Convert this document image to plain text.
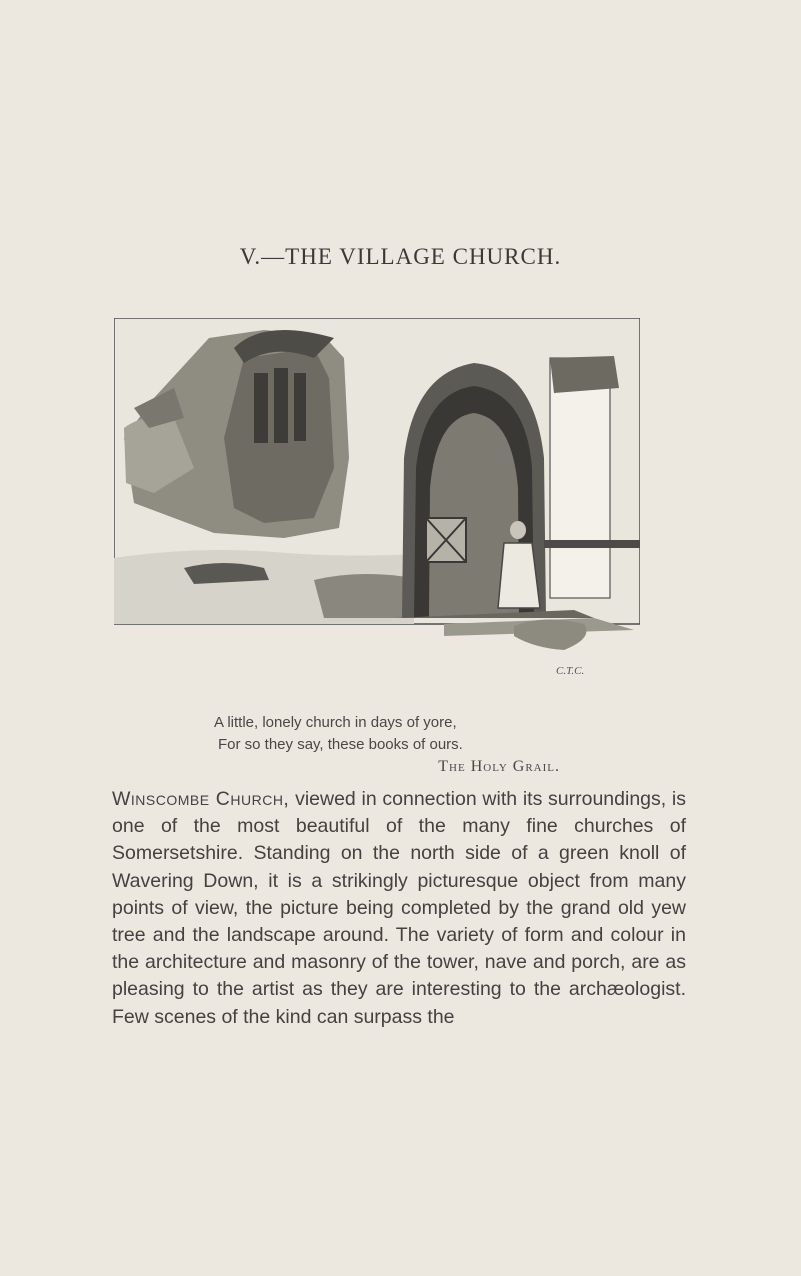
V.—THE VILLAGE CHURCH.
C.T.C.
A little, lonely church in days of yore,
For so they say, these books of ours.
The Holy Grail.
Winscombe Church, viewed in connection with its surroundings, is one of the most beautiful of the many fine churches of Somersetshire. Standing on the north side of a green knoll of Wavering Down, it is a strikingly picturesque object from many points of view, the picture being completed by the grand old yew tree and the landscape around. The variety of form and colour in the architecture and masonry of the tower, nave and porch, are as pleasing to the artist as they are interesting to the archæologist. Few scenes of the kind can surpass the
